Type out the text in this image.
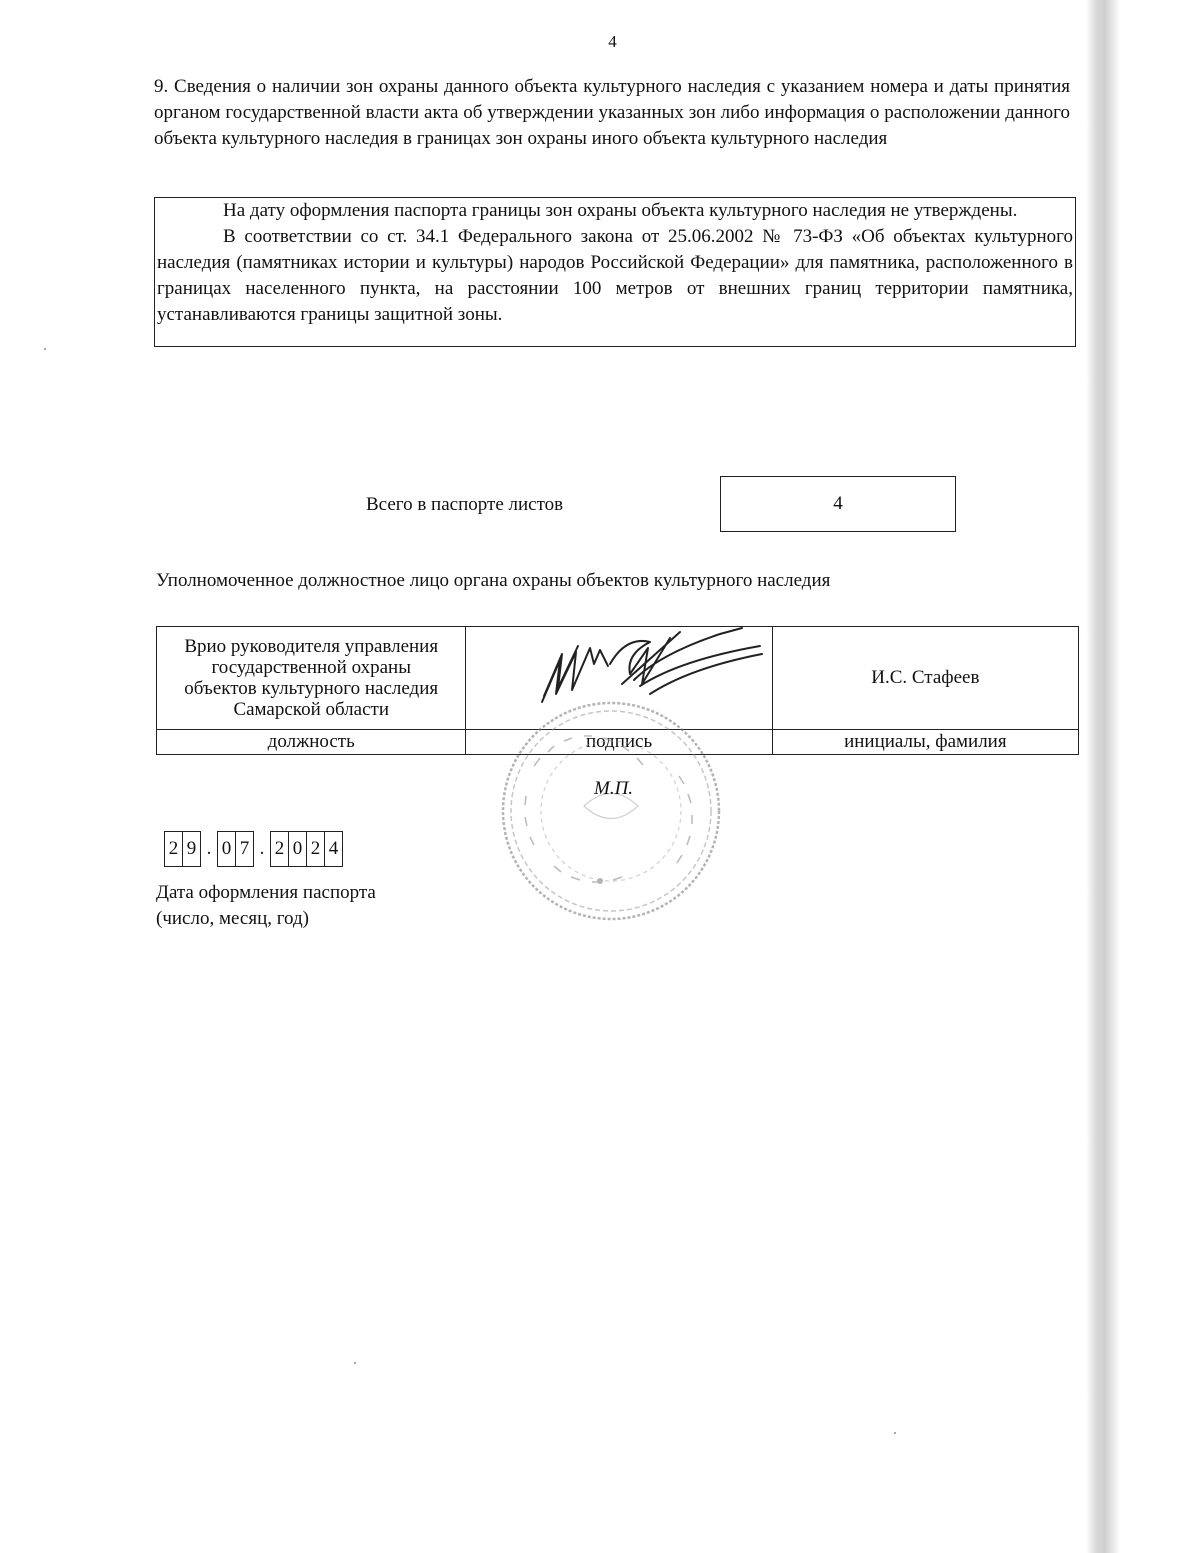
4
9. Сведения о наличии зон охраны данного объекта культурного наследия с указанием номера и даты принятия органом государственной власти акта об утверждении указанных зон либо информация о расположении данного объекта культурного наследия в границах зон охраны иного объекта культурного наследия

На дату оформления паспорта границы зон охраны объекта культурного наследия не утверждены.

В соответствии со ст. 34.1 Федерального закона от 25.06.2002 № 73-ФЗ «Об объектах культурного наследия (памятниках истории и культуры) народов Российской Федерации» для памятника, расположенного в границах населенного пункта, на расстоянии 100 метров от внешних границ территории памятника, устанавливаются границы защитной зоны.

Всего в паспорте листов	4
Уполномоченное должностное лицо органа охраны объектов культурного наследия
Врио руководителя управления
государственной охраны
объектов культурного наследия
Самарской области		И.С. Стафеев
должность	подпись	инициалы, фамилия
М.П.
2 9 . 0 7 . 2 0 2 4
Дата оформления паспорта
(число, месяц, год)
